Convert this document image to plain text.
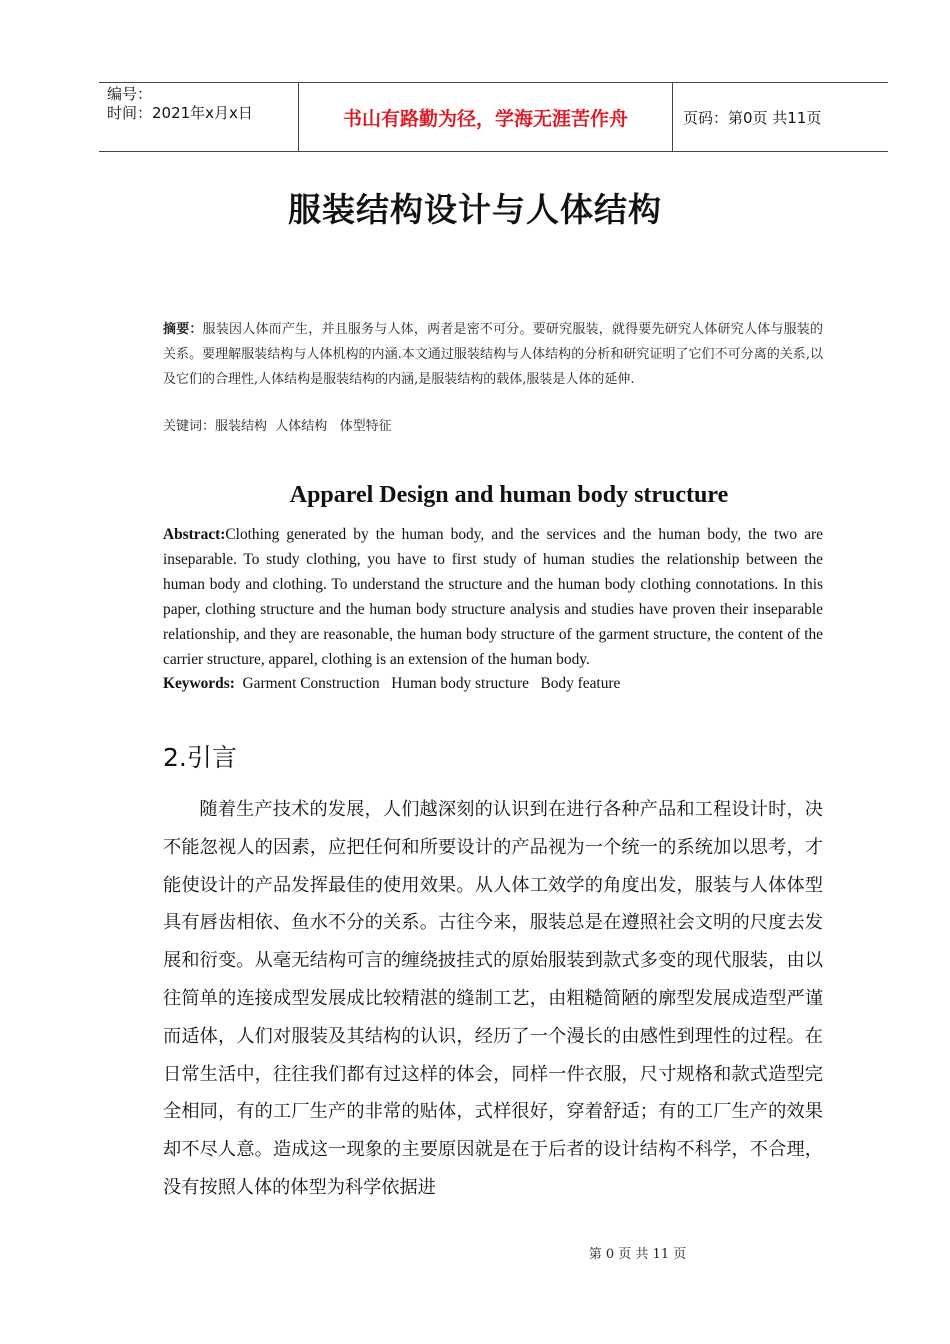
编号：
时间：2021年x月x日	书山有路勤为径，学海无涯苦作舟	页码：第0页 共11页
服装结构设计与人体结构
摘要：服装因人体而产生，并且服务与人体，两者是密不可分。要研究服装，就得要先研究人体研究人体与服装的关系。要理解服装结构与人体机构的内涵.本文通过服装结构与人体结构的分析和研究证明了它们不可分离的关系,以及它们的合理性,人体结构是服装结构的内涵,是服装结构的载体,服装是人体的延伸.
关键词：服装结构  人体结构   体型特征
Apparel Design and human body structure
Abstract:Clothing generated by the human body, and the services and the human body, the two are inseparable. To study clothing, you have to first study of human studies the relationship between the human body and clothing. To understand the structure and the human body clothing connotations. In this paper, clothing structure and the human body structure analysis and studies have proven their inseparable relationship, and they are reasonable, the human body structure of the garment structure, the content of the carrier structure, apparel, clothing is an extension of the human body.
Keywords:  Garment Construction   Human body structure   Body feature
2.引言
随着生产技术的发展，人们越深刻的认识到在进行各种产品和工程设计时，决不能忽视人的因素，应把任何和所要设计的产品视为一个统一的系统加以思考，才能使设计的产品发挥最佳的使用效果。从人体工效学的角度出发，服装与人体体型具有唇齿相依、鱼水不分的关系。古往今来，服装总是在遵照社会文明的尺度去发展和衍变。从毫无结构可言的缠绕披挂式的原始服装到款式多变的现代服装，由以往简单的连接成型发展成比较精湛的缝制工艺，由粗糙简陋的廓型发展成造型严谨而适体，人们对服装及其结构的认识，经历了一个漫长的由感性到理性的过程。在日常生活中，往往我们都有过这样的体会，同样一件衣服，尺寸规格和款式造型完全相同，有的工厂生产的非常的贴体，式样很好，穿着舒适；有的工厂生产的效果却不尽人意。造成这一现象的主要原因就是在于后者的设计结构不科学，不合理，没有按照人体的体型为科学依据进
第 0 页 共 11 页
